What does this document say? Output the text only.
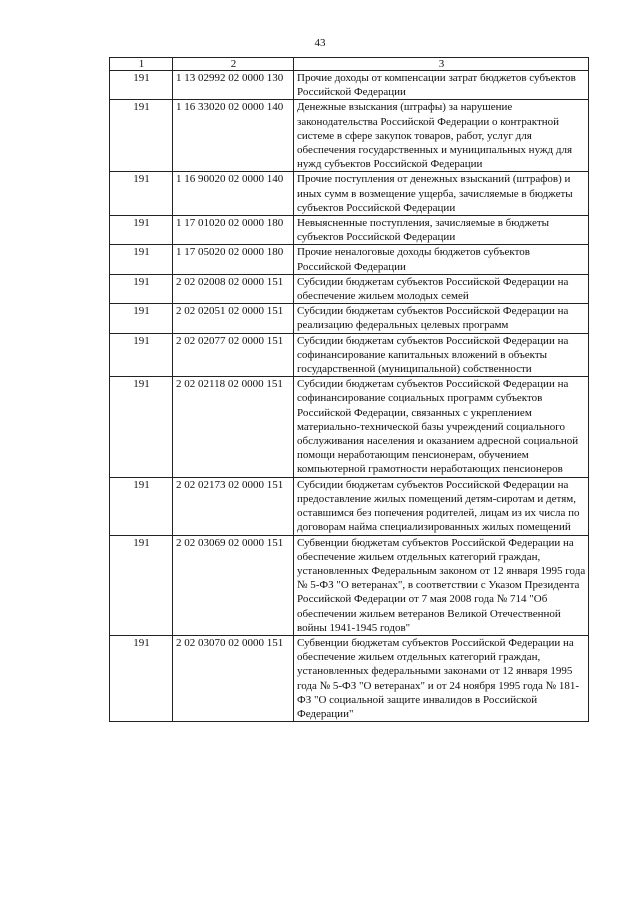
43
1	2	3
191	1 13 02992 02 0000 130	Прочие доходы от компенсации затрат бюджетов субъектов Российской Федерации
191	1 16 33020 02 0000 140	Денежные взыскания (штрафы) за нарушение законодательства Российской Федерации о контрактной системе в сфере закупок товаров, работ, услуг для обеспечения государственных и муниципальных нужд для нужд субъектов Российской Федерации
191	1 16 90020 02 0000 140	Прочие поступления от денежных взысканий (штрафов) и иных сумм в возмещение ущерба, зачисляемые в бюджеты субъектов Российской Федерации
191	1 17 01020 02 0000 180	Невыясненные поступления, зачисляемые в бюджеты субъектов Российской Федерации
191	1 17 05020 02 0000 180	Прочие неналоговые доходы бюджетов субъектов Российской Федерации
191	2 02 02008 02 0000 151	Субсидии бюджетам субъектов Российской Федерации на обеспечение жильем молодых семей
191	2 02 02051 02 0000 151	Субсидии бюджетам субъектов Российской Федерации на реализацию федеральных целевых программ
191	2 02 02077 02 0000 151	Субсидии бюджетам субъектов Российской Федерации на софинансирование капитальных вложений в объекты государственной (муниципальной) собственности
191	2 02 02118 02 0000 151	Субсидии бюджетам субъектов Российской Федерации на софинансирование социальных программ субъектов Российской Федерации, связанных с укреплением материально-технической базы учреждений социального обслуживания населения и оказанием адресной социальной помощи неработающим пенсионерам, обучением компьютерной грамотности неработающих пенсионеров
191	2 02 02173 02 0000 151	Субсидии бюджетам субъектов Российской Федерации на предоставление жилых помещений детям-сиротам и детям, оставшимся без попечения родителей, лицам из их числа по договорам найма специализированных жилых помещений
191	2 02 03069 02 0000 151	Субвенции бюджетам субъектов Российской Федерации на обеспечение жильем отдельных категорий граждан, установленных Федеральным законом от 12 января 1995 года № 5-ФЗ "О ветеранах", в соответствии с Указом Президента Российской Федерации от 7 мая 2008 года № 714 "Об обеспечении жильем ветеранов Великой Отечественной войны 1941-1945 годов"
191	2 02 03070 02 0000 151	Субвенции бюджетам субъектов Российской Федерации на обеспечение жильем отдельных категорий граждан, установленных федеральными законами от 12 января 1995 года № 5-ФЗ "О ветеранах" и от 24 ноября 1995 года № 181-ФЗ "О социальной защите инвалидов в Российской Федерации"
